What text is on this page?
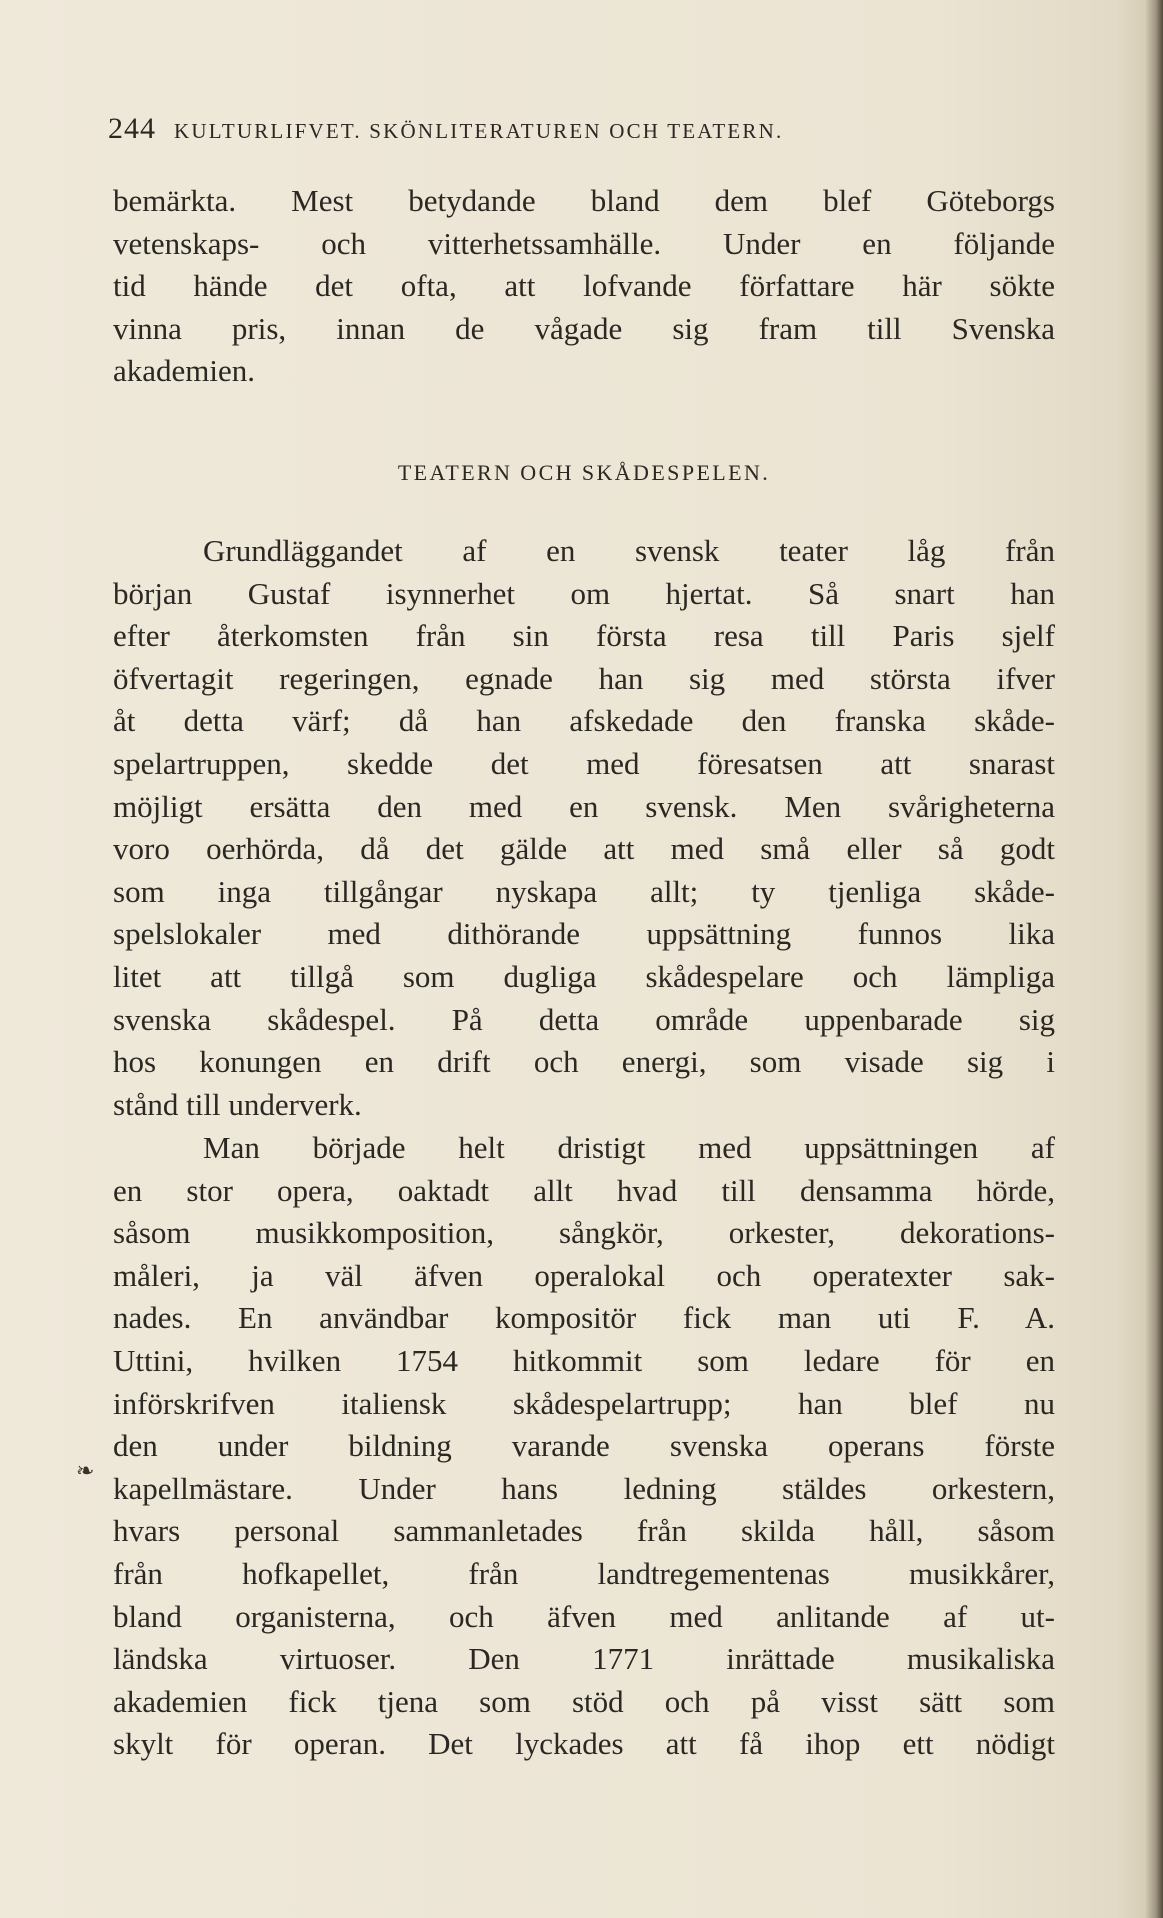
244 KULTURLIFVET. SKÖNLITERATUREN OCH TEATERN.
bemärkta. Mest betydande bland dem blef Göteborgs
vetenskaps- och vitterhetssamhälle. Under en följande
tid hände det ofta, att lofvande författare här sökte
vinna pris, innan de vågade sig fram till Svenska
akademien.
TEATERN OCH SKÅDESPELEN.
Grundläggandet af en svensk teater låg från
början Gustaf isynnerhet om hjertat. Så snart han
efter återkomsten från sin första resa till Paris sjelf
öfvertagit regeringen, egnade han sig med största ifver
åt detta värf; då han afskedade den franska skåde-
spelartruppen, skedde det med föresatsen att snarast
möjligt ersätta den med en svensk. Men svårigheterna
voro oerhörda, då det gälde att med små eller så godt
som inga tillgångar nyskapa allt; ty tjenliga skåde-
spelslokaler med dithörande uppsättning funnos lika
litet att tillgå som dugliga skådespelare och lämpliga
svenska skådespel. På detta område uppenbarade sig
hos konungen en drift och energi, som visade sig i
stånd till underverk.
Man började helt dristigt med uppsättningen af
en stor opera, oaktadt allt hvad till densamma hörde,
såsom musikkomposition, sångkör, orkester, dekorations-
måleri, ja väl äfven operalokal och operatexter sak-
nades. En användbar kompositör fick man uti F. A.
Uttini, hvilken 1754 hitkommit som ledare för en
införskrifven italiensk skådespelartrupp; han blef nu
den under bildning varande svenska operans förste
kapellmästare. Under hans ledning stäldes orkestern,
hvars personal sammanletades från skilda håll, såsom
från hofkapellet, från landtregementenas musikkårer,
bland organisterna, och äfven med anlitande af ut-
ländska virtuoser. Den 1771 inrättade musikaliska
akademien fick tjena som stöd och på visst sätt som
skylt för operan. Det lyckades att få ihop ett nödigt
❧
